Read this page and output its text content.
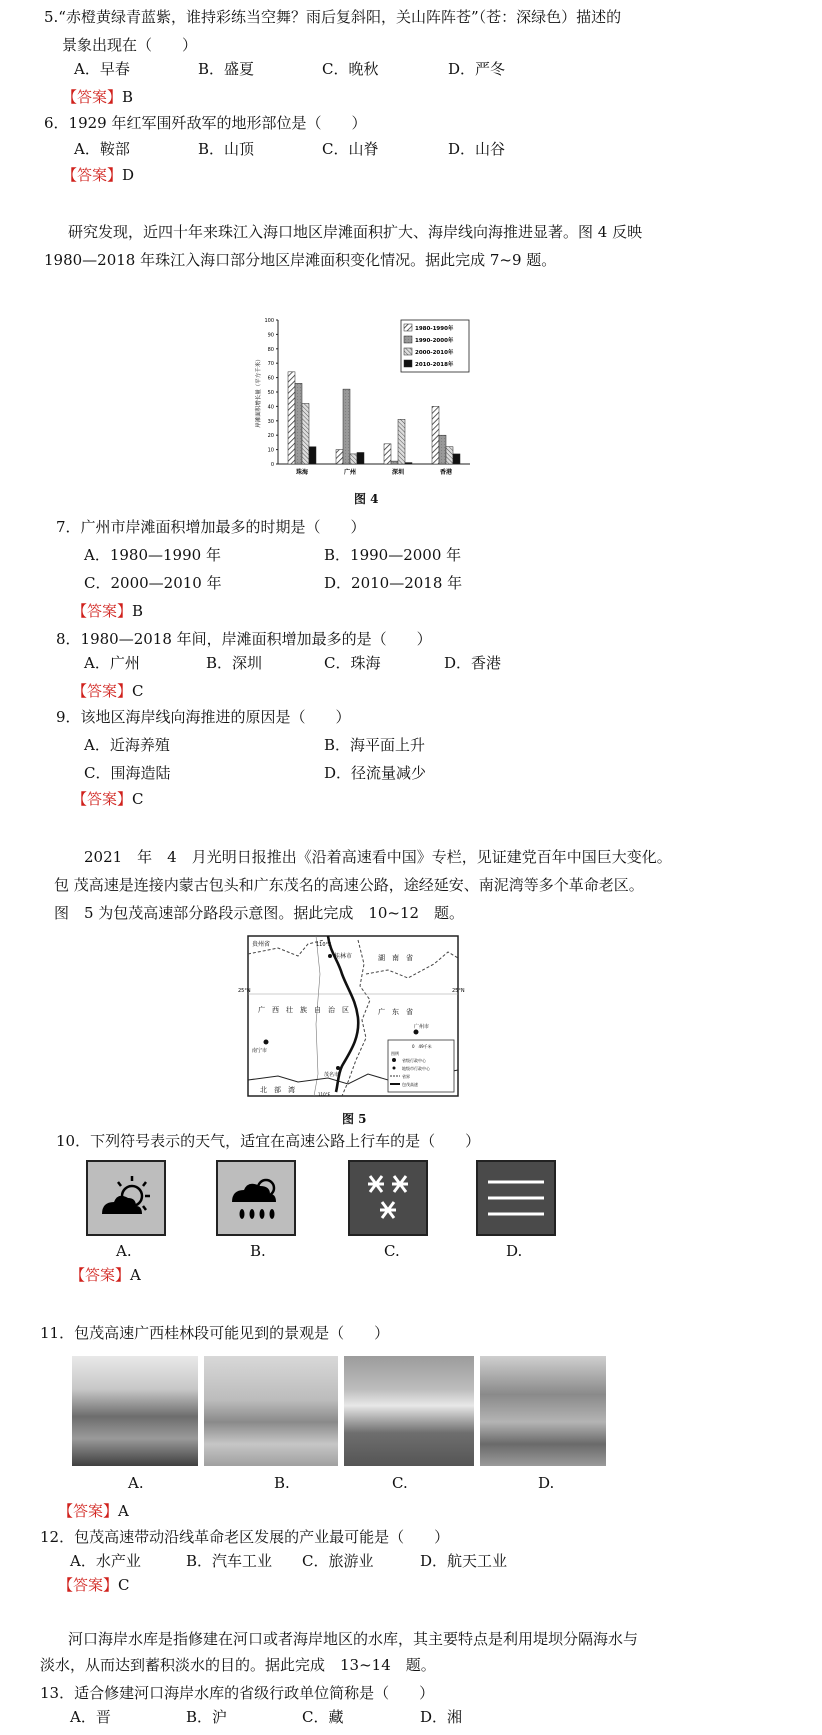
5.“赤橙黄绿青蓝紫，谁持彩练当空舞？雨后复斜阳，关山阵阵苍”（苍：深绿色）描述的
景象出现在（　　）
A．早春	B．盛夏	C．晚秋	D．严冬
【答案】B
6．1929 年红军围歼敌军的地形部位是（　　）
A．鞍部	B．山顶	C．山脊	D．山谷
【答案】D
研究发现，近四十年来珠江入海口地区岸滩面积扩大、海岸线向海推进显著。图 4 反映 1980—2018 年珠江入海口部分地区岸滩面积变化情况。据此完成 7~9 题。
0
10
20
30
40
50
60
70
80
90
100
岸滩面积增长量（平方千米）
珠海	广州	深圳	香港
1980-1990年
1990-2000年
2000-2010年
2010-2018年
图 4
7．广州市岸滩面积增加最多的时期是（　　）
A．1980—1990 年	B．1990—2000 年
C．2000—2010 年	D．2010—2018 年
【答案】B
8．1980—2018 年间，岸滩面积增加最多的是（　　）
A．广州	B．深圳	C．珠海	D．香港
【答案】C
9．该地区海岸线向海推进的原因是（　　）
A．近海养殖	B．海平面上升
C．围海造陆	D．径流量减少
【答案】C
2021　年　4　月光明日报推出《沿着高速看中国》专栏，见证建党百年中国巨大变化。
包 茂高速是连接内蒙古包头和广东茂名的高速公路，途经延安、南泥湾等多个革命老区。
图　5 为包茂高速部分路段示意图。据此完成　10~12　题。
贵州省	110°E
25°N	25°N
桂林市	湖　南　省
广　西　壮　族　自　治　区
南宁市
广　东　省
广州市
茂名市
北　部　湾
110°E
0　49千米
图例
省级行政中心
地级市行政中心
省界
包茂高速
图 5
10．下列符号表示的天气，适宜在高速公路上行车的是（　　）
A.	B.	C.	D.
【答案】A
11．包茂高速广西桂林段可能见到的景观是（　　）
A.	B.	C.	D.
【答案】A
12．包茂高速带动沿线革命老区发展的产业最可能是（　　）
A．水产业	B．汽车工业 C．旅游业	D．航天工业
【答案】C
河口海岸水库是指修建在河口或者海岸地区的水库，其主要特点是利用堤坝分隔海水与
淡水，从而达到蓄积淡水的目的。据此完成　13~14　题。
13．适合修建河口海岸水库的省级行政单位简称是（　　）
A．晋	B．沪	C．藏	D．湘
